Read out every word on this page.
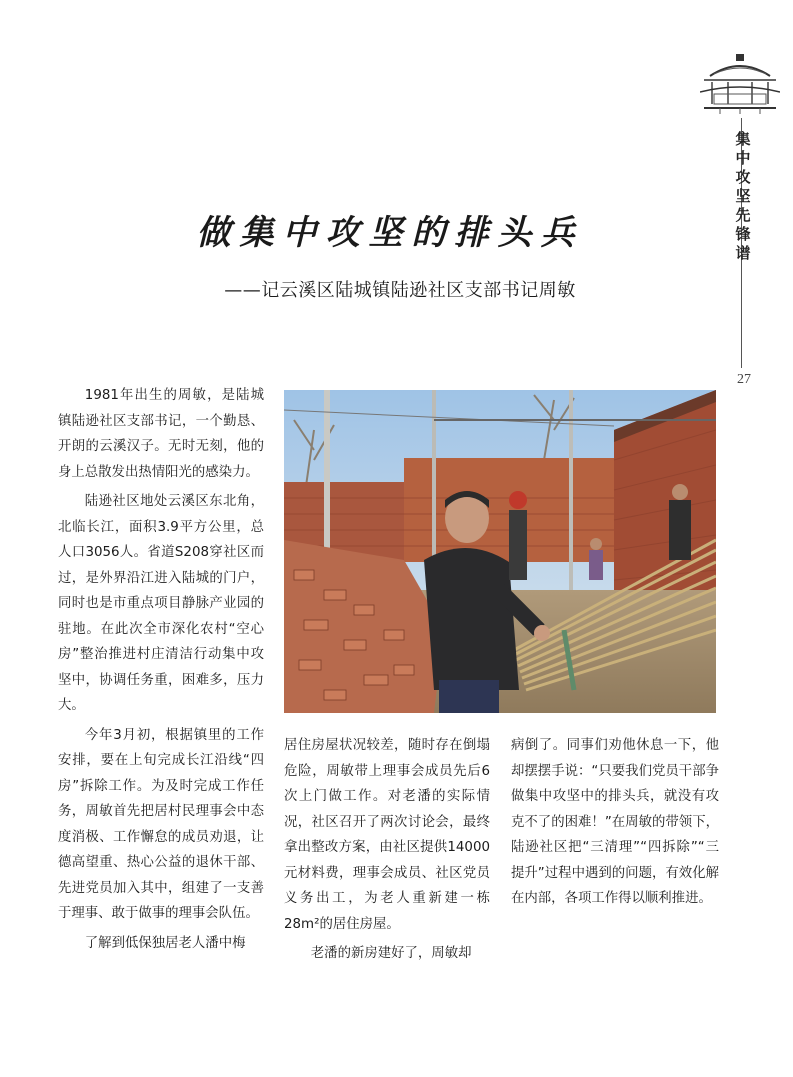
集中攻坚先锋谱
27
做集中攻坚的排头兵
——记云溪区陆城镇陆逊社区支部书记周敏

1981年出生的周敏，是陆城镇陆逊社区支部书记，一个勤恳、开朗的云溪汉子。无时无刻，他的身上总散发出热情阳光的感染力。

陆逊社区地处云溪区东北角，北临长江，面积3.9平方公里，总人口3056人。省道S208穿社区而过，是外界沿江进入陆城的门户，同时也是市重点项目静脉产业园的驻地。在此次全市深化农村“空心房”整治推进村庄清洁行动集中攻坚中，协调任务重，困难多，压力大。

今年3月初，根据镇里的工作安排，要在上旬完成长江沿线“四房”拆除工作。为及时完成工作任务，周敏首先把居村民理事会中态度消极、工作懈怠的成员劝退，让德高望重、热心公益的退休干部、先进党员加入其中，组建了一支善于理事、敢于做事的理事会队伍。

了解到低保独居老人潘中梅

居住房屋状况较差，随时存在倒塌危险，周敏带上理事会成员先后6次上门做工作。对老潘的实际情况，社区召开了两次讨论会，最终拿出整改方案，由社区提供14000元材料费，理事会成员、社区党员义务出工，为老人重新建一栋28m²的居住房屋。

老潘的新房建好了，周敏却

病倒了。同事们劝他休息一下，他却摆摆手说：“只要我们党员干部争做集中攻坚中的排头兵，就没有攻克不了的困难！”在周敏的带领下，陆逊社区把“三清理”“四拆除”“三提升”过程中遇到的问题，有效化解在内部，各项工作得以顺利推进。
